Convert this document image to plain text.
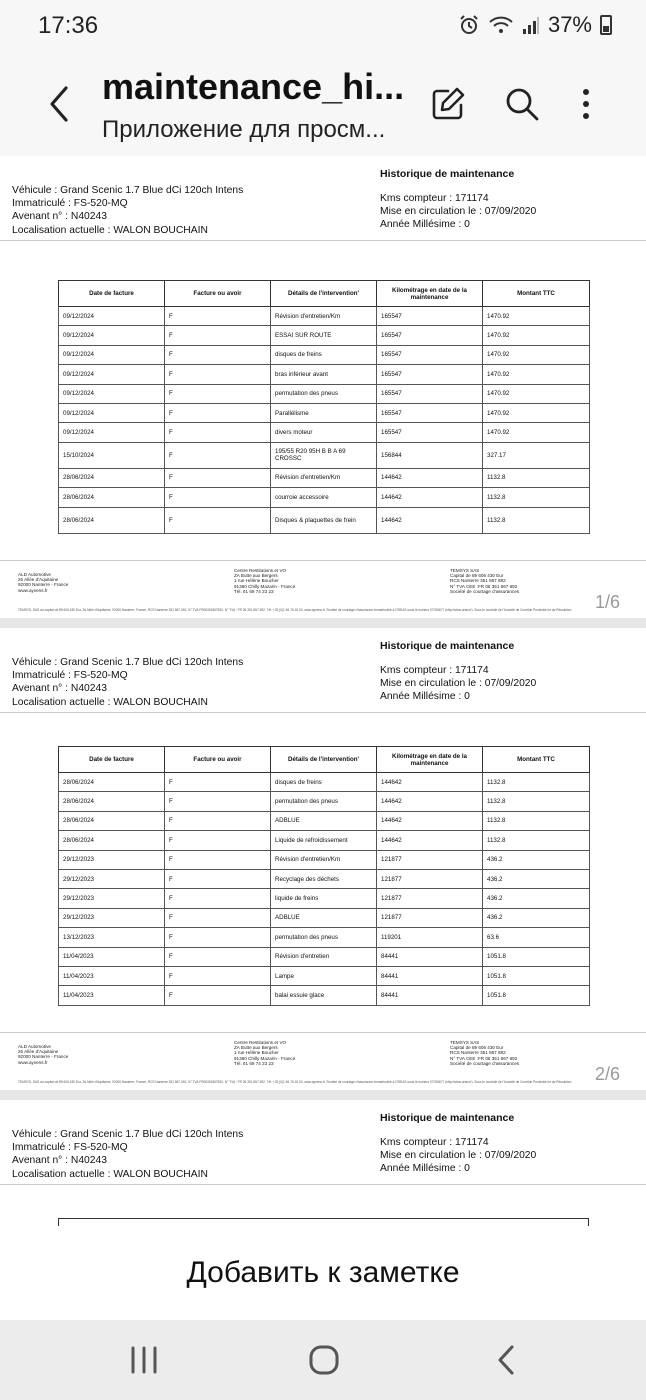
17:36	37%
maintenance_hi...
Приложение для просм...
Véhicule : Grand Scenic 1.7 Blue dCi 120ch Intens
Immatriculé : FS-520-MQ
Avenant n° : N40243
Localisation actuelle : WALON BOUCHAIN
Historique de maintenance
Kms compteur : 171174
Mise en circulation le : 07/09/2020
Année Millésime : 0
Date de facture	Facture ou avoir	Détails de l'intervention'	Kilométrage en date de la maintenance	Montant TTC
09/12/2024	F	Révision d'entretien/Km	165547	1470.92
09/12/2024	F	ESSAI SUR ROUTE	165547	1470.92
09/12/2024	F	disques de freins	165547	1470.92
09/12/2024	F	bras inférieur avant	165547	1470.92
09/12/2024	F	permutation des pneus	165547	1470.92
09/12/2024	F	Parallélisme	165547	1470.92
09/12/2024	F	divers moteur	165547	1470.92
15/10/2024	F	195/55 R20 95H B B A 69 CROSSC	156844	327.17
28/06/2024	F	Révision d'entretien/Km	144642	1132.8
28/06/2024	F	courroie accessoire	144642	1132.8
28/06/2024	F	Disques & plaquettes de frein	144642	1132.8
ALD Automotive
26 Allée d'Aquitaine
92000 Nanterre - France
www.ayvens.fr
Centre Restitutions et VO
ZA Butte aux Bergers
1 rue Hélène Boucher
91380 Chilly Mazarin - France
Tél. 01 69 74 23 23
TEMSYS SAS
Capital de 89 606 430 Eur
RCS Nanterre 351 867 692
N° TVA CEE :FR 06 351 867 692
Société de courtage d'assurances
TEMSYS, SAS au capital de 89 606 430 Eur, 26 Allée d'Aquitaine, 92000 Nanterre, France, RCS Nanterre 351 867 692, N° TVA FR06351867692, N° TVA : FR 06 351 867 692, Tél. +33 (0)1 56 76 18 00, www.ayvens.fr. Société de courtage d'assurance immatriculée à l'ORIAS sous le numéro 07026677 (http://www.orias.fr). Sous le contrôle de l'Autorité de Contrôle Prudentiel et de Résolution	1/6
Véhicule : Grand Scenic 1.7 Blue dCi 120ch Intens
Immatriculé : FS-520-MQ
Avenant n° : N40243
Localisation actuelle : WALON BOUCHAIN
Historique de maintenance
Kms compteur : 171174
Mise en circulation le : 07/09/2020
Année Millésime : 0
Date de facture	Facture ou avoir	Détails de l'intervention'	Kilométrage en date de la maintenance	Montant TTC
28/06/2024	F	disques de freins	144642	1132.8
28/06/2024	F	permutation des pneus	144642	1132.8
28/06/2024	F	ADBLUE	144642	1132.8
28/06/2024	F	Liquide de refroidissement	144642	1132.8
29/12/2023	F	Révision d'entretien/Km	121877	436.2
29/12/2023	F	Recyclage des déchets	121877	436.2
29/12/2023	F	liquide de freins	121877	436.2
29/12/2023	F	ADBLUE	121877	436.2
13/12/2023	F	permutation des pneus	119201	63.6
11/04/2023	F	Révision d'entretien	84441	1051.8
11/04/2023	F	Lampe	84441	1051.8
11/04/2023	F	balai essuie glace	84441	1051.8
ALD Automotive
26 Allée d'Aquitaine
92000 Nanterre - France
www.ayvens.fr
Centre Restitutions et VO
ZA Butte aux Bergers
1 rue Hélène Boucher
91380 Chilly Mazarin - France
Tél. 01 69 74 23 23
TEMSYS SAS
Capital de 89 606 430 Eur
RCS Nanterre 351 867 692
N° TVA CEE :FR 06 351 867 692
Société de courtage d'assurances
TEMSYS, SAS au capital de 89 606 430 Eur, 26 Allée d'Aquitaine, 92000 Nanterre, France, RCS Nanterre 351 867 692, N° TVA FR06351867692, N° TVA : FR 06 351 867 692, Tél. +33 (0)1 56 76 18 00, www.ayvens.fr. Société de courtage d'assurance immatriculée à l'ORIAS sous le numéro 07026677 (http://www.orias.fr). Sous le contrôle de l'Autorité de Contrôle Prudentiel et de Résolution	2/6
Véhicule : Grand Scenic 1.7 Blue dCi 120ch Intens
Immatriculé : FS-520-MQ
Avenant n° : N40243
Localisation actuelle : WALON BOUCHAIN
Historique de maintenance
Kms compteur : 171174
Mise en circulation le : 07/09/2020
Année Millésime : 0
Добавить к заметке
